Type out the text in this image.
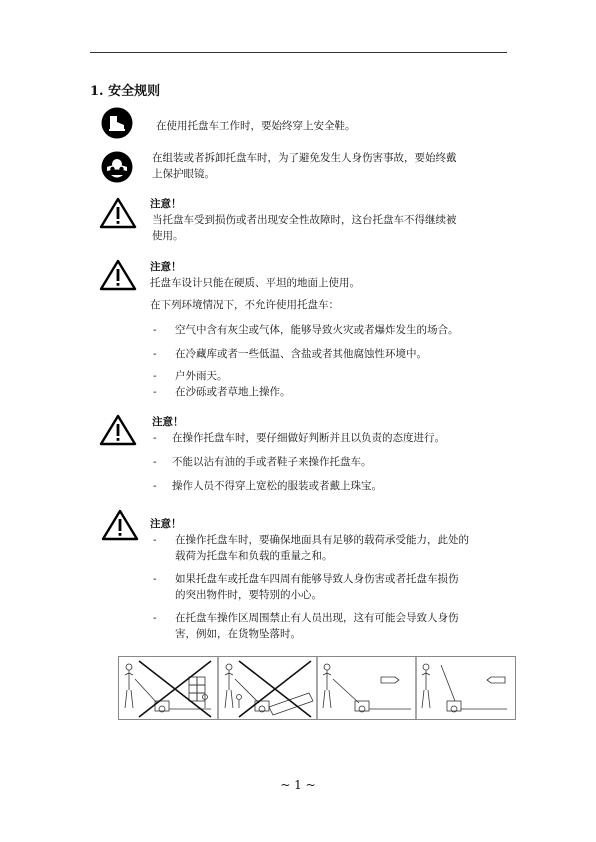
1. 安全规则
在使用托盘车工作时，要始终穿上安全鞋。
在组装或者拆卸托盘车时，为了避免发生人身伤害事故，要始终戴
上保护眼镜。
注意！
当托盘车受到损伤或者出现安全性故障时，这台托盘车不得继续被
使用。
注意！
托盘车设计只能在硬质、平坦的地面上使用。
在下列环境情况下，不允许使用托盘车：
- 空气中含有灰尘或气体，能够导致火灾或者爆炸发生的场合。
- 在冷藏库或者一些低温、含盐或者其他腐蚀性环境中。
- 户外雨天。
- 在沙砾或者草地上操作。
注意！
- 在操作托盘车时，要仔细做好判断并且以负责的态度进行。
- 不能以沾有油的手或者鞋子来操作托盘车。
- 操作人员不得穿上宽松的服装或者戴上珠宝。
注意！
- 在操作托盘车时，要确保地面具有足够的载荷承受能力，此处的
载荷为托盘车和负载的重量之和。
- 如果托盘车或托盘车四周有能够导致人身伤害或者托盘车损伤
的突出物件时，要特别的小心。
- 在托盘车操作区周围禁止有人员出现，这有可能会导致人身伤
害，例如，在货物坠落时。
~ 1 ~
